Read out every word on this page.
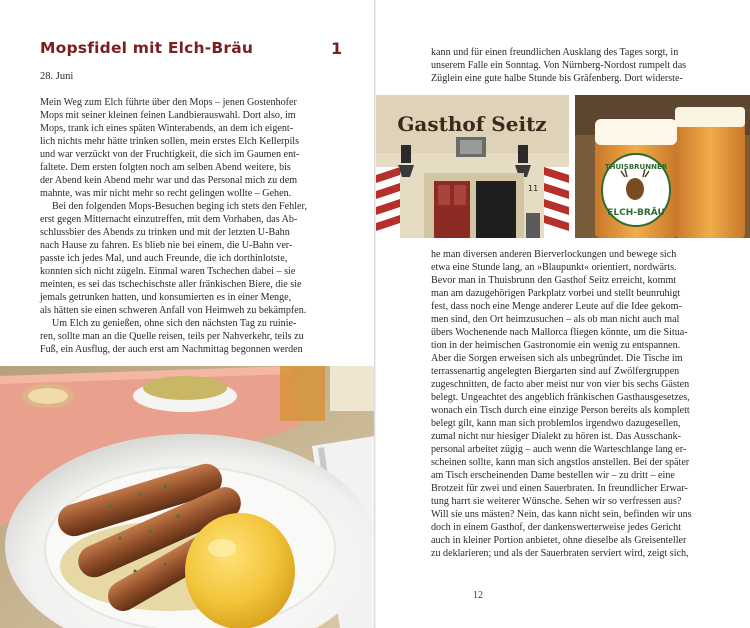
Mopsfidel mit Elch-Bräu	1
28. Juni
Mein Weg zum Elch führte über den Mops – jenen Gostenhofer
Mops mit seiner kleinen feinen Landbierauswahl. Dort also, im
Mops, trank ich eines späten Winterabends, an dem ich eigent-
lich nichts mehr hätte trinken sollen, mein erstes Elch Kellerpils
und war verzückt von der Fruchtigkeit, die sich im Gaumen ent-
faltete. Dem ersten folgten noch am selben Abend weitere, bis
der Abend kein Abend mehr war und das Personal mich zu dem
mahnte, was mir nicht mehr so recht gelingen wollte – Gehen.
Bei den folgenden Mops-Besuchen beging ich stets den Fehler,
erst gegen Mitternacht einzutreffen, mit dem Vorhaben, das Ab-
schlussbier des Abends zu trinken und mit der letzten U-Bahn
nach Hause zu fahren. Es blieb nie bei einem, die U-Bahn ver-
passte ich jedes Mal, und auch Freunde, die ich dorthinlotste,
konnten sich nicht zügeln. Einmal waren Tschechen dabei – sie
meinten, es sei das tschechischste aller fränkischen Biere, die sie
jemals getrunken hatten, und konsumierten es in einer Menge,
als hätten sie einen schweren Anfall von Heimweh zu bekämpfen.
Um Elch zu genießen, ohne sich den nächsten Tag zu ruinie-
ren, sollte man an die Quelle reisen, teils per Nahverkehr, teils zu
Fuß, ein Ausflug, der auch erst am Nachmittag begonnen werden
kann und für einen freundlichen Ausklang des Tages sorgt, in
unserem Falle ein Sonntag. Von Nürnberg-Nordost rumpelt das
Züglein eine gute halbe Stunde bis Gräfenberg. Dort widerste-
Gasthof Seitz
11
THUISBRUNNER
ELCH-BRÄU
he man diversen anderen Bierverlockungen und bewege sich
etwa eine Stunde lang, an »Blaupunkt« orientiert, nordwärts.
Bevor man in Thuisbrunn den Gasthof Seitz erreicht, kommt
man am dazugehörigen Parkplatz vorbei und stellt beunruhigt
fest, dass noch eine Menge anderer Leute auf die Idee gekom-
men sind, den Ort heimzusuchen – als ob man nicht auch mal
übers Wochenende nach Mallorca fliegen könnte, um die Situa-
tion in der heimischen Gastronomie ein wenig zu entspannen.
Aber die Sorgen erweisen sich als unbegründet. Die Tische im
terrassenartig angelegten Biergarten sind auf Zwölfergruppen
zugeschnitten, de facto aber meist nur von vier bis sechs Gästen
belegt. Ungeachtet des angeblich fränkischen Gasthausgesetzes,
wonach ein Tisch durch eine einzige Person bereits als komplett
belegt gilt, kann man sich problemlos irgendwo dazugesellen,
zumal nicht nur hiesiger Dialekt zu hören ist. Das Ausschank-
personal arbeitet zügig – auch wenn die Warteschlange lang er-
scheinen sollte, kann man sich angstlos anstellen. Bei der später
am Tisch erscheinenden Dame bestellen wir – zu dritt – eine
Brotzeit für zwei und einen Sauerbraten. In freundlicher Erwar-
tung harrt sie weiterer Wünsche. Sehen wir so verfressen aus?
Will sie uns mästen? Nein, das kann nicht sein, befinden wir uns
doch in einem Gasthof, der dankenswerterweise jedes Gericht
auch in kleiner Portion anbietet, ohne dieselbe als Greisenteller
zu deklarieren; und als der Sauerbraten serviert wird, zeigt sich,
12
